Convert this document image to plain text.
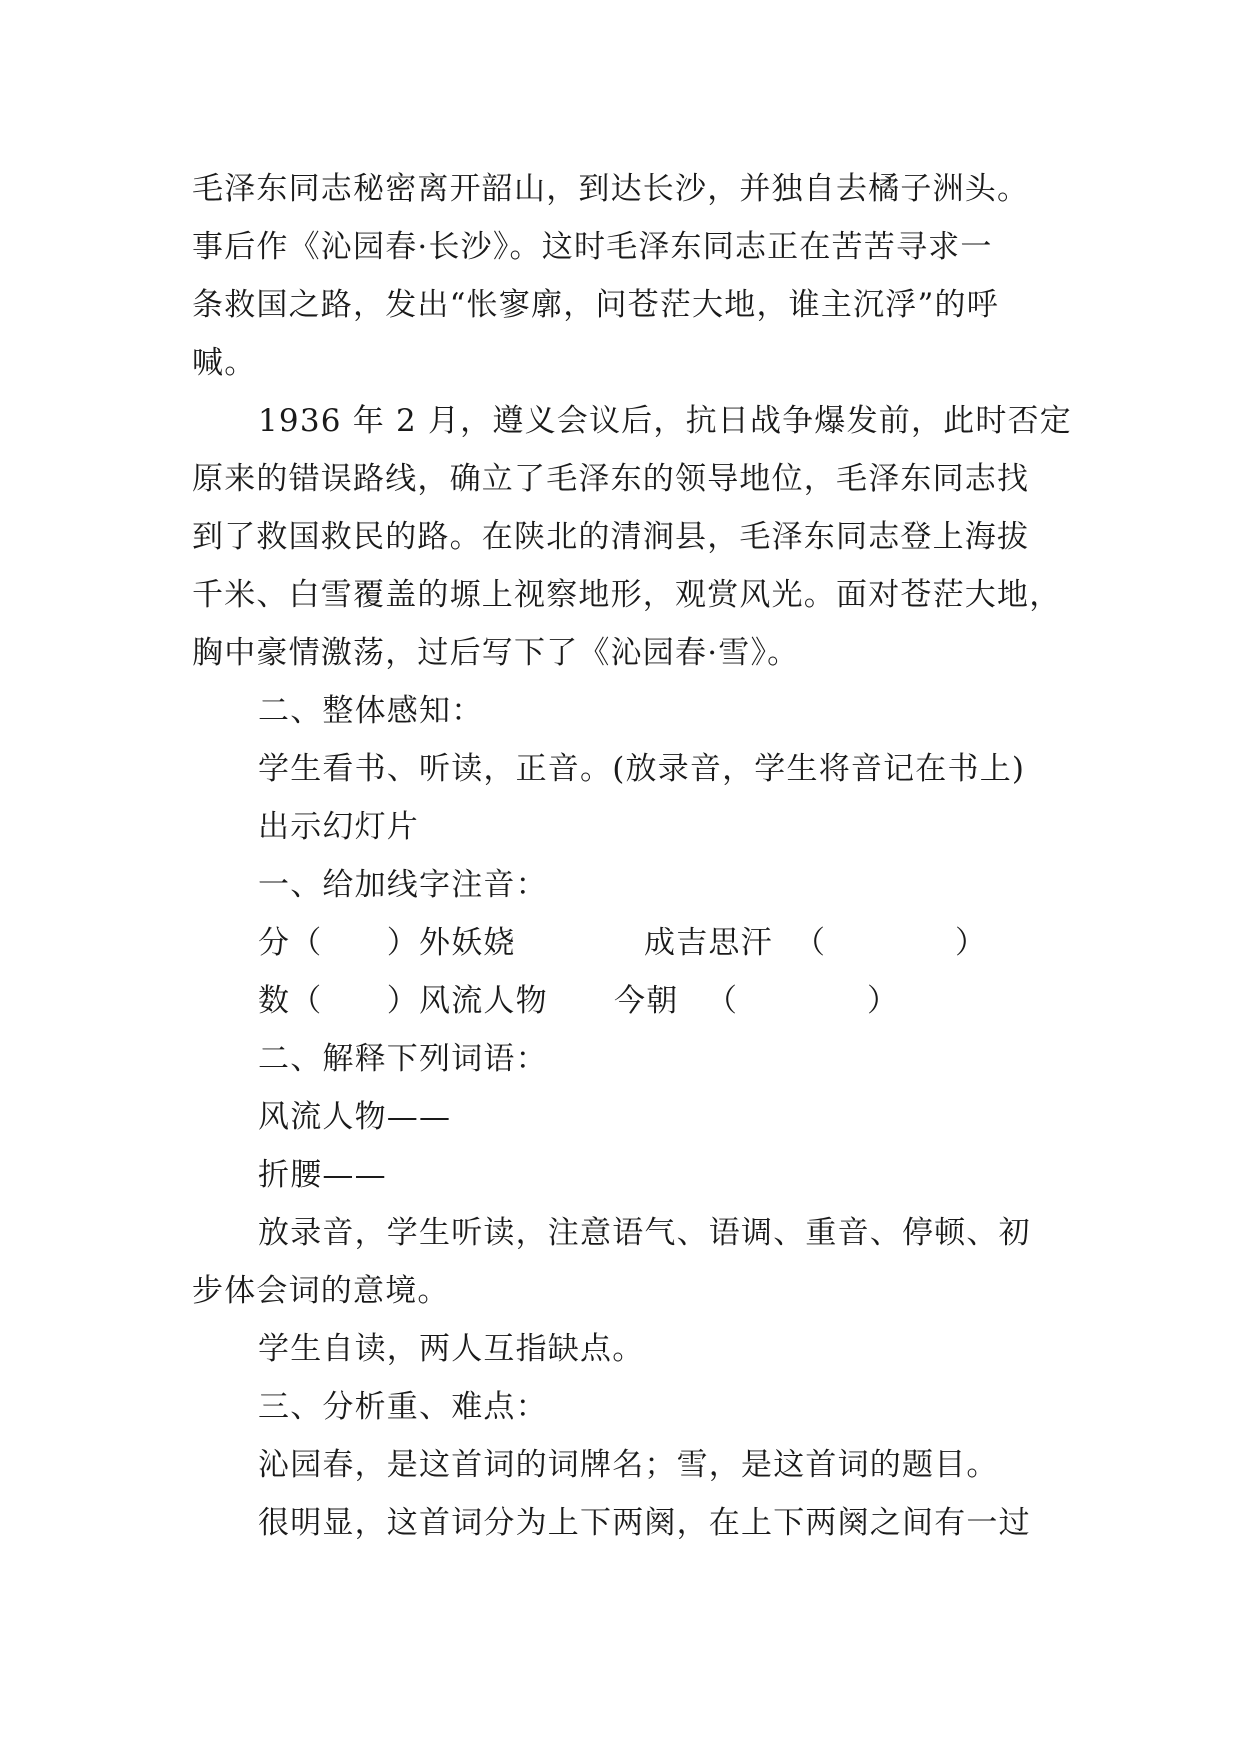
毛泽东同志秘密离开韶山，到达长沙，并独自去橘子洲头。
事后作《沁园春·长沙》。这时毛泽东同志正在苦苦寻求一
条救国之路，发出“怅寥廓，问苍茫大地，谁主沉浮”的呼
喊。
1936 年 2 月，遵义会议后，抗日战争爆发前，此时否定
原来的错误路线，确立了毛泽东的领导地位，毛泽东同志找
到了救国救民的路。在陕北的清涧县，毛泽东同志登上海拔
千米、白雪覆盖的塬上视察地形，观赏风光。面对苍茫大地，
胸中豪情激荡，过后写下了《沁园春·雪》。
二、整体感知：
学生看书、听读，正音。(放录音，学生将音记在书上)
出示幻灯片
一、给加线字注音：
分（　　）外妖娆	成吉思汗 （　　　　）
数（　　）风流人物	今朝 （　　　　）
二、解释下列词语：
风流人物——
折腰——
放录音，学生听读，注意语气、语调、重音、停顿、初
步体会词的意境。
学生自读，两人互指缺点。
三、分析重、难点：
沁园春，是这首词的词牌名；雪，是这首词的题目。
很明显，这首词分为上下两阕，在上下两阕之间有一过
